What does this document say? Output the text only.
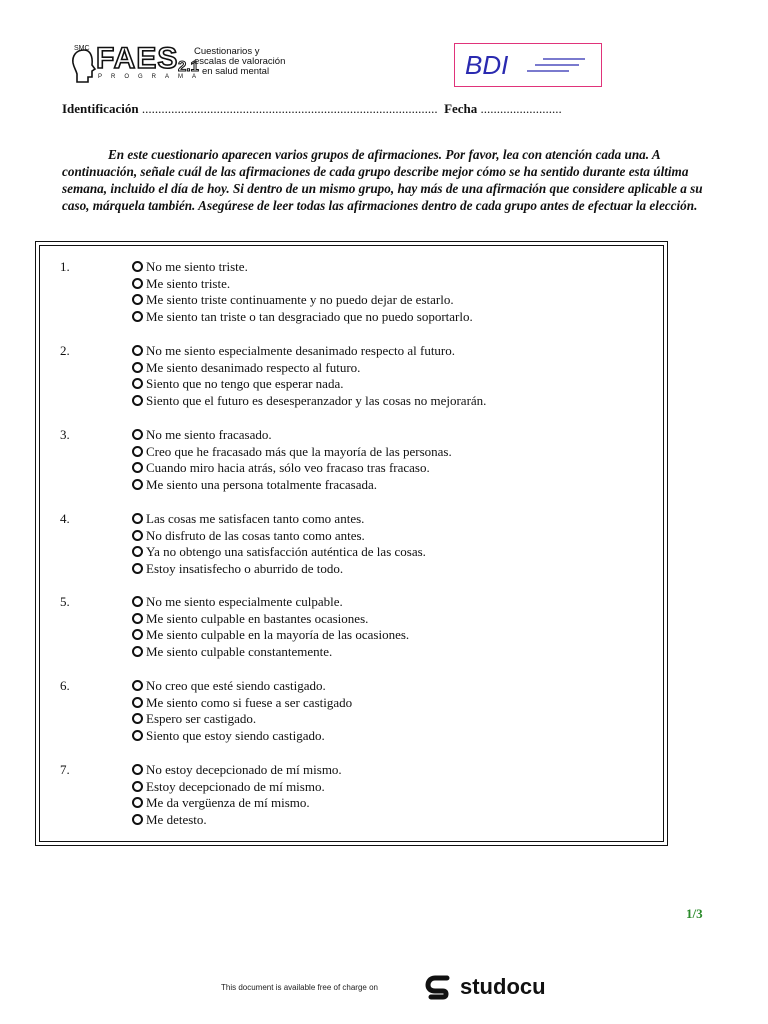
SMC FAES 2.1
PROGRAMA
Cuestionarios y
escalas de valoración
en salud mental	BDI
Identificación ........................................................................................... Fecha .........................
En este cuestionario aparecen varios grupos de afirmaciones. Por favor, lea con atención cada una. A continuación, señale cuál de las afirmaciones de cada grupo describe mejor cómo se ha sentido durante esta última semana, incluido el día de hoy. Si dentro de un mismo grupo, hay más de una afirmación que considere aplicable a su caso, márquela también. Asegúrese de leer todas las afirmaciones dentro de cada grupo antes de efectuar la elección.
1.	No me siento triste.
Me siento triste.
Me siento triste continuamente y no puedo dejar de estarlo.
Me siento tan triste o tan desgraciado que no puedo soportarlo.
2.	No me siento especialmente desanimado respecto al futuro.
Me siento desanimado respecto al futuro.
Siento que no tengo que esperar nada.
Siento que el futuro es desesperanzador y las cosas no mejorarán.
3.	No me siento fracasado.
Creo que he fracasado más que la mayoría de las personas.
Cuando miro hacia atrás, sólo veo fracaso tras fracaso.
Me siento una persona totalmente fracasada.
4.	Las cosas me satisfacen tanto como antes.
No disfruto de las cosas tanto como antes.
Ya no obtengo una satisfacción auténtica de las cosas.
Estoy insatisfecho o aburrido de todo.
5.	No me siento especialmente culpable.
Me siento culpable en bastantes ocasiones.
Me siento culpable en la mayoría de las ocasiones.
Me siento culpable constantemente.
6.	No creo que esté siendo castigado.
Me siento como si fuese a ser castigado
Espero ser castigado.
Siento que estoy siendo castigado.
7.	No estoy decepcionado de mí mismo.
Estoy decepcionado de mí mismo.
Me da vergüenza de mí mismo.
Me detesto.
1/3
This document is available free of charge on	studocu
